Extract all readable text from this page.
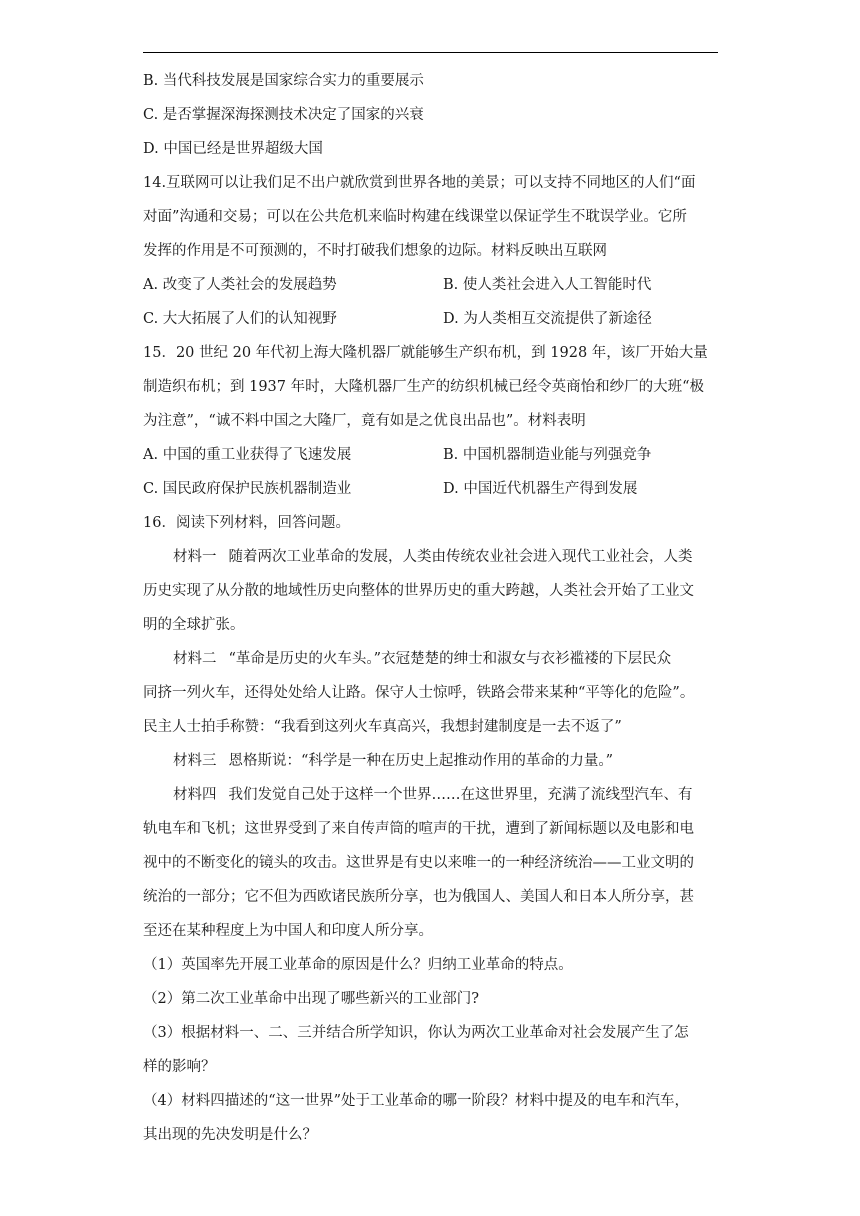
B. 当代科技发展是国家综合实力的重要展示
C. 是否掌握深海探测技术决定了国家的兴衰
D. 中国已经是世界超级大国
14.互联网可以让我们足不出户就欣赏到世界各地的美景；可以支持不同地区的人们“面
对面”沟通和交易；可以在公共危机来临时构建在线课堂以保证学生不耽误学业。它所
发挥的作用是不可预测的，不时打破我们想象的边际。材料反映出互联网
A. 改变了人类社会的发展趋势	B. 使人类社会进入人工智能时代
C. 大大拓展了人们的认知视野	D. 为人类相互交流提供了新途径
15．20 世纪 20 年代初上海大隆机器厂就能够生产织布机，到 1928 年，该厂开始大量
制造织布机；到 1937 年时，大隆机器厂生产的纺织机械已经令英商怡和纱厂的大班“极
为注意”，“诚不料中国之大隆厂，竟有如是之优良出品也”。材料表明
A. 中国的重工业获得了飞速发展	B. 中国机器制造业能与列强竞争
C. 国民政府保护民族机器制造业	D. 中国近代机器生产得到发展
16．阅读下列材料，回答问题。
材料一 随着两次工业革命的发展，人类由传统农业社会进入现代工业社会，人类
历史实现了从分散的地域性历史向整体的世界历史的重大跨越，人类社会开始了工业文
明的全球扩张。
材料二 “革命是历史的火车头。”衣冠楚楚的绅士和淑女与衣衫褴褛的下层民众
同挤一列火车，还得处处给人让路。保守人士惊呼，铁路会带来某种“平等化的危险”。
民主人士拍手称赞：“我看到这列火车真高兴，我想封建制度是一去不返了”
材料三 恩格斯说：“科学是一种在历史上起推动作用的革命的力量。”
材料四 我们发觉自己处于这样一个世界……在这世界里，充满了流线型汽车、有
轨电车和飞机；这世界受到了来自传声筒的喧声的干扰，遭到了新闻标题以及电影和电
视中的不断变化的镜头的攻击。这世界是有史以来唯一的一种经济统治——工业文明的
统治的一部分；它不但为西欧诸民族所分享，也为俄国人、美国人和日本人所分享，甚
至还在某种程度上为中国人和印度人所分享。
（1）英国率先开展工业革命的原因是什么？归纳工业革命的特点。
（2）第二次工业革命中出现了哪些新兴的工业部门?
（3）根据材料一、二、三并结合所学知识，你认为两次工业革命对社会发展产生了怎
样的影响？
（4）材料四描述的“这一世界”处于工业革命的哪一阶段？材料中提及的电车和汽车，
其出现的先决发明是什么？
